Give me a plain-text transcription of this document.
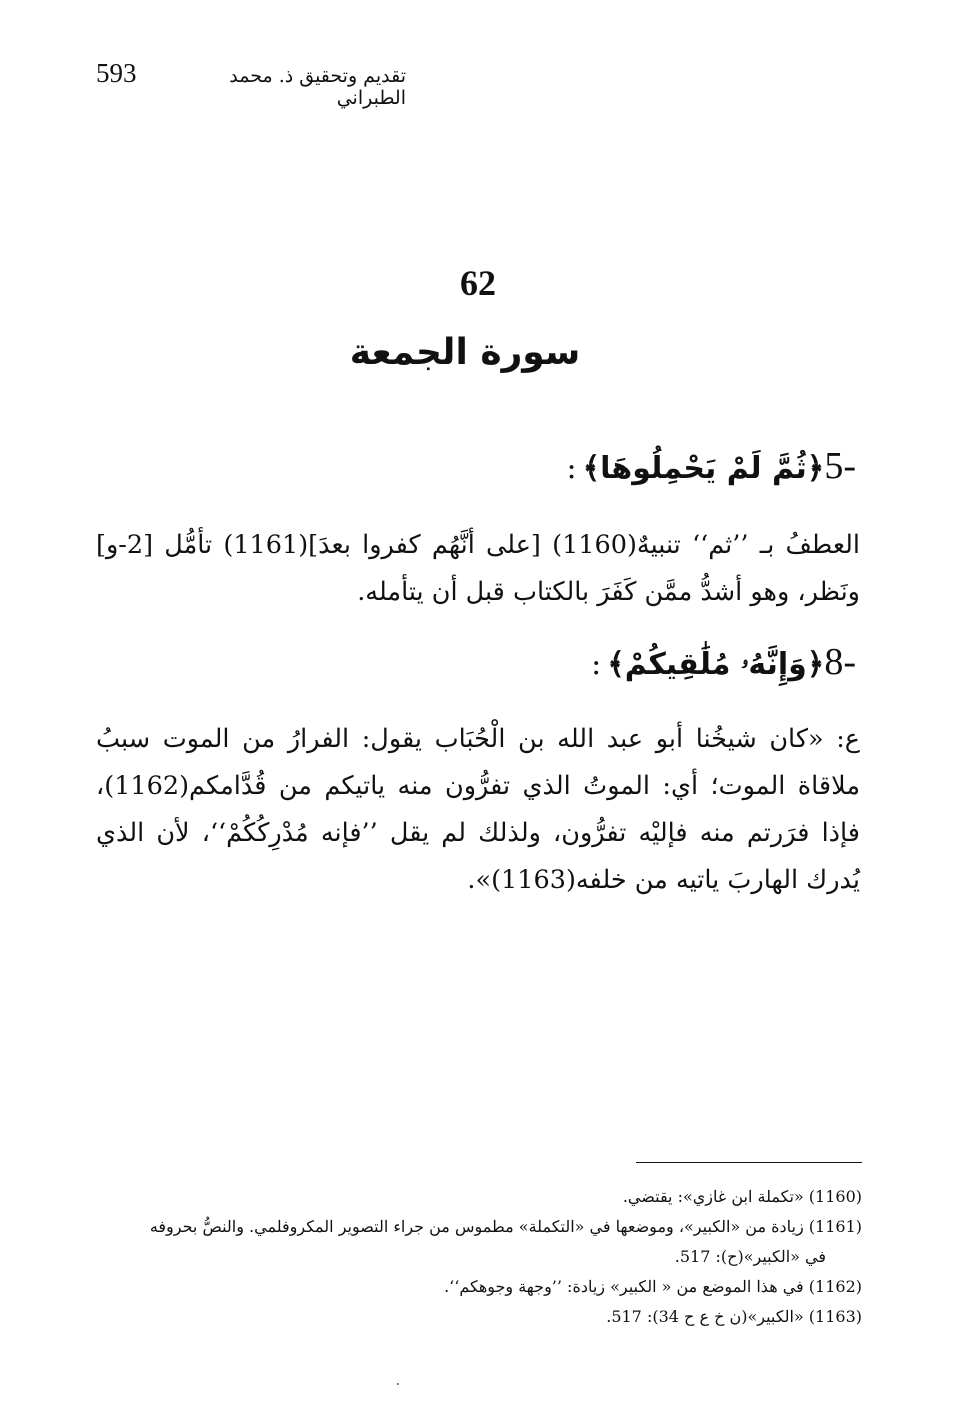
593	تقديم وتحقيق ذ. محمد الطبراني
62
سورة الجمعة
5-
﴿
ثُمَّ لَمْ يَحْمِلُوهَا
﴾
:

العطفُ بـ ’’ثم‘‘ تنبيهٌ(1160) [على أنَّهُم كفروا بعدَ](1161) تأمُّل [2-و] ونَظر، وهو أشدُّ ممَّن كَفَرَ بالكتاب قبل أن يتأمله.

8-
﴿
وَإِنَّهُۥ مُلَٰقِيكُمْ
﴾
:

ع: «كان شيخُنا أبو عبد الله بن الْحُبَاب يقول: الفرارُ من الموت سببُ ملاقاة الموت؛ أي: الموتُ الذي تفرُّون منه ياتيكم من قُدَّامكم(1162)، فإذا فرَرتم منه فإليْه تفرُّون، ولذلك لم يقل ’’فإنه مُدْرِكُكُمْ‘‘، لأن الذي يُدرك الهاربَ ياتيه من خلفه(1163)».

(1160) «تكملة ابن غازي»: يقتضي.

(1161) زيادة من «الكبير»، وموضعها في «التكملة» مطموس من جراء التصوير المكروفلمي. والنصُّ بحروفه

في «الكبير»(ح): 517.

(1162) في هذا الموضع من « الكبير» زيادة: ’’وجهة وجوهكم‘‘.

(1163) «الكبير»(ن خ ع ح 34): 517.
